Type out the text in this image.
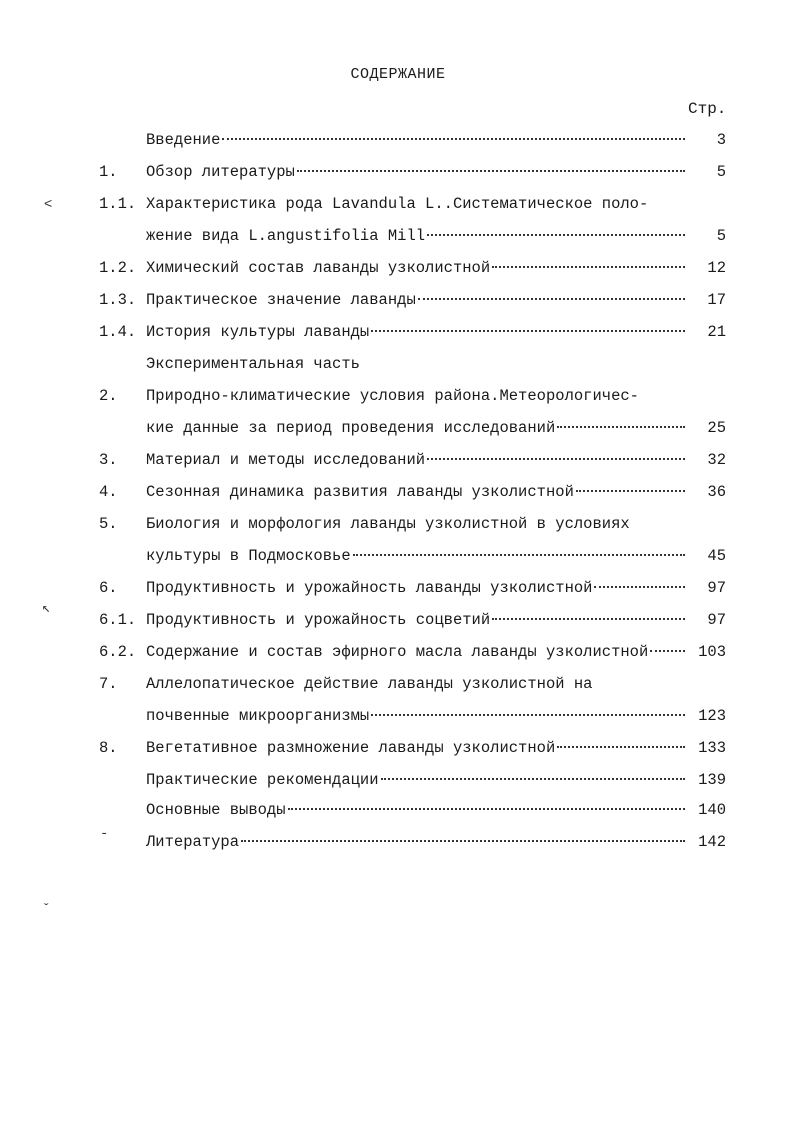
СОДЕРЖАНИЕ
Стр.
Введение	3
1. Обзор литературы	5
1.1. Характеристика рода Lavandula L..Систематическое поло-
жение вида L.angustifolia Mill	5
1.2. Химический состав лаванды узколистной	12
1.3. Практическое значение лаванды	17
1.4. История культуры лаванды	21
Экспериментальная часть
2. Природно-климатические условия района.Метеорологичес-
кие данные за период проведения исследований	25
3. Материал и методы исследований	32
4. Сезонная динамика развития лаванды узколистной	36
5. Биология и морфология лаванды узколистной в условиях
культуры в Подмосковье	45
6. Продуктивность и урожайность лаванды узколистной	97
6.1. Продуктивность и урожайность соцветий	97
6.2. Содержание и состав эфирного масла лаванды узколистной	103
7. Аллелопатическое действие лаванды узколистной на
почвенные микроорганизмы	123
8. Вегетативное размножение лаванды узколистной	133
Практические рекомендации	139
Основные выводы	140
Литература	142
˂
↖
-
ˇ
